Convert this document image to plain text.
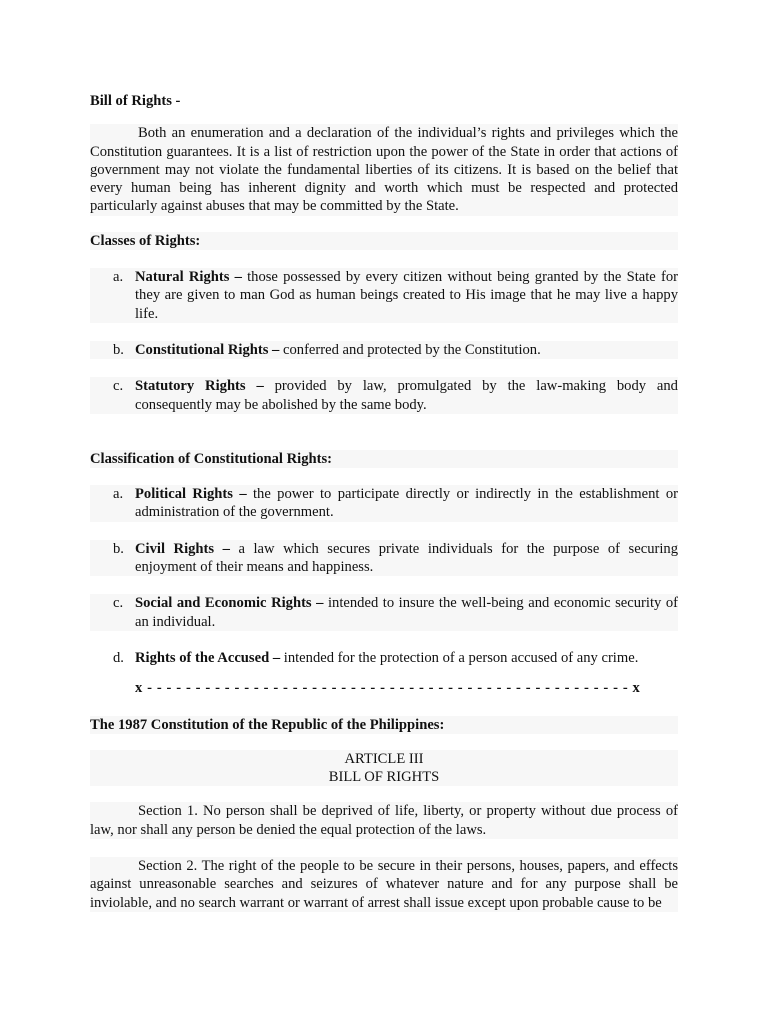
Bill of Rights -

Both an enumeration and a declaration of the individual’s rights and privileges which the Constitution guarantees. It is a list of restriction upon the power of the State in order that actions of government may not violate the fundamental liberties of its citizens. It is based on the belief that every human being has inherent dignity and worth which must be respected and protected particularly against abuses that may be committed by the State.

Classes of Rights:

a. Natural Rights – those possessed by every citizen without being granted by the State for they are given to man God as human beings created to His image that he may live a happy life.
b. Constitutional Rights – conferred and protected by the Constitution.
c. Statutory Rights – provided by law, promulgated by the law-making body and consequently may be abolished by the same body.

Classification of Constitutional Rights:

a. Political Rights – the power to participate directly or indirectly in the establishment or administration of the government.
b. Civil Rights – a law which secures private individuals for the purpose of securing enjoyment of their means and happiness.
c. Social and Economic Rights – intended to insure the well-being and economic security of an individual.
d. Rights of the Accused – intended for the protection of a person accused of any crime.

x - - - - - - - - - - - - - - - - - - - - - - - - - - - - - - - - - - - - - - - - - - - - - - - - - - x

The 1987 Constitution of the Republic of the Philippines:

ARTICLE III

BILL OF RIGHTS

Section 1. No person shall be deprived of life, liberty, or property without due process of law, nor shall any person be denied the equal protection of the laws.

Section 2. The right of the people to be secure in their persons, houses, papers, and effects against unreasonable searches and seizures of whatever nature and for any purpose shall be inviolable, and no search warrant or warrant of arrest shall issue except upon probable cause to be
